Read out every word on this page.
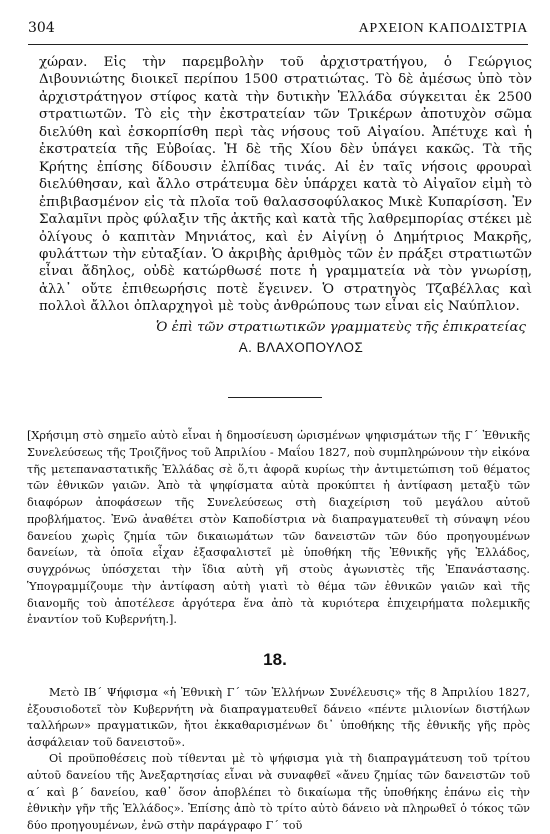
304	ΑΡΧΕΙΟΝ ΚΑΠΟΔΙΣΤΡΙΑ

χώραν. Εἰς τὴν παρεμβολὴν τοῦ ἀρχιστρατήγου, ὁ Γεώργιος Διβουνιώτης διοικεῖ περίπου 1500 στρατιώτας. Τὸ δὲ ἀμέσως ὑπὸ τὸν ἀρχιστράτηγον στίφος κατὰ τὴν δυτικὴν Ἑλλάδα σύγκειται ἐκ 2500 στρατιωτῶν. Τὸ εἰς τὴν ἐκστρατείαν τῶν Τρικέρων ἀποτυχὸν σῶμα διελύθη καὶ ἐσκορπίσθη περὶ τὰς νήσους τοῦ Αἰγαίου. Ἀπέτυχε καὶ ἡ ἐκστρατεία τῆς Εὐβοίας. Ἡ δὲ τῆς Χίου δὲν ὑπάγει κακῶς. Τὰ τῆς Κρήτης ἐπίσης δίδουσιν ἐλπίδας τινάς. Αἱ ἐν ταῖς νήσοις φρουραὶ διελύθησαν, καὶ ἄλλο στράτευμα δὲν ὑπάρχει κατὰ τὸ Αἰγαῖον εἰμὴ τὸ ἐπιβιβασμένον εἰς τὰ πλοῖα τοῦ θαλασσοφύλακος Μικὲ Κυπαρίσση. Ἐν Σαλαμῖνι πρὸς φύλαξιν τῆς ἀκτῆς καὶ κατὰ τῆς λαθρεμπορίας στέκει μὲ ὀλίγους ὁ καπιτὰν Μηνιάτος, καὶ ἐν Αἰγίνῃ ὁ Δημήτριος Μακρῆς, φυλάττων τὴν εὐταξίαν. Ὁ ἀκριβὴς ἀριθμὸς τῶν ἐν πράξει στρατιωτῶν εἶναι ἄδηλος, οὐδὲ κατώρθωσέ ποτε ἡ γραμματεία νὰ τὸν γνωρίσῃ, ἀλλ᾽ οὔτε ἐπιθεωρήσις ποτὲ ἔγεινεν. Ὁ στρατηγὸς Τζαβέλλας καὶ πολλοὶ ἄλλοι ὀπλαρχηγοὶ μὲ τοὺς ἀνθρώπους των εἶναι εἰς Ναύπλιον.

Ὁ ἐπὶ τῶν στρατιωτικῶν γραμματεὺς τῆς ἐπικρατείας
Α. ΒΛΑΧΟΠΟΥΛΟΣ

[Χρήσιμη στὸ σημεῖο αὐτὸ εἶναι ἡ δημοσίευση ὡρισμένων ψηφισμάτων τῆς Γ΄ Ἐθνικῆς Συνελεύσεως τῆς Τροιζῆνος τοῦ Ἀπριλίου - Μαΐου 1827, ποὺ συμπληρώνουν τὴν εἰκόνα τῆς μετεπαναστατικῆς Ἑλλάδας σὲ ὅ,τι ἀφορᾶ κυρίως τὴν ἀντιμετώπιση τοῦ θέματος τῶν ἐθνικῶν γαιῶν. Ἀπὸ τὰ ψηφίσματα αὐτὰ προκύπτει ἡ ἀντίφαση μεταξὺ τῶν διαφόρων ἀποφάσεων τῆς Συνελεύσεως στὴ διαχείριση τοῦ μεγάλου αὐτοῦ προβλήματος. Ἐνῶ ἀναθέτει στὸν Καποδίστρια νὰ διαπραγματευθεῖ τὴ σύναψη νέου δανείου χωρὶς ζημία τῶν δικαιωμάτων τῶν δανειστῶν τῶν δύο προηγουμένων δανείων, τὰ ὁποῖα εἶχαν ἐξασφαλιστεῖ μὲ ὑποθήκη τῆς Ἐθνικῆς γῆς Ἑλλάδος, συγχρόνως ὑπόσχεται τὴν ἴδια αὐτὴ γῆ στοὺς ἀγωνιστὲς τῆς Ἐπανάστασης. Ὑπογραμμίζουμε τὴν ἀντίφαση αὐτὴ γιατὶ τὸ θέμα τῶν ἐθνικῶν γαιῶν καὶ τῆς διανομῆς τοὺ ἀποτέλεσε ἀργότερα ἕνα ἀπὸ τὰ κυριότερα ἐπιχειρήματα πολεμικῆς ἐναντίον τοῦ Κυβερνήτη.].

18.

Μετὸ ΙΒ΄ Ψήφισμα «ἡ Ἐθνικὴ Γ΄ τῶν Ἑλλήνων Συνέλευσις» τῆς 8 Ἀπριλίου 1827, ἐξουσιοδοτεῖ τὸν Κυβερνήτη νὰ διαπραγματευθεῖ δάνειο «πέντε μιλιονίων διστήλων ταλλήρων» πραγματικῶν, ἤτοι ἐκκαθαρισμένων δι᾽ ὑποθήκης τῆς ἐθνικῆς γῆς πρὸς ἀσφάλειαν τοῦ δανειστοῦ».

Οἱ προϋποθέσεις ποὺ τίθενται μὲ τὸ ψήφισμα γιὰ τὴ διαπραγμάτευση τοῦ τρίτου αὐτοῦ δανείου τῆς Ἀνεξαρτησίας εἶναι νὰ συναφθεῖ «ἄνευ ζημίας τῶν δανειστῶν τοῦ α΄ καὶ β΄ δανείου, καθ᾽ ὅσον ἀποβλέπει τὸ δικαίωμα τῆς ὑποθήκης ἐπάνω εἰς τὴν ἐθνικὴν γῆν τῆς Ἑλλάδος». Ἐπίσης ἀπὸ τὸ τρίτο αὐτὸ δάνειο νὰ πληρωθεῖ ὁ τόκος τῶν δύο προηγουμένων, ἐνῶ στὴν παράγραφο Γ΄ τοῦ
